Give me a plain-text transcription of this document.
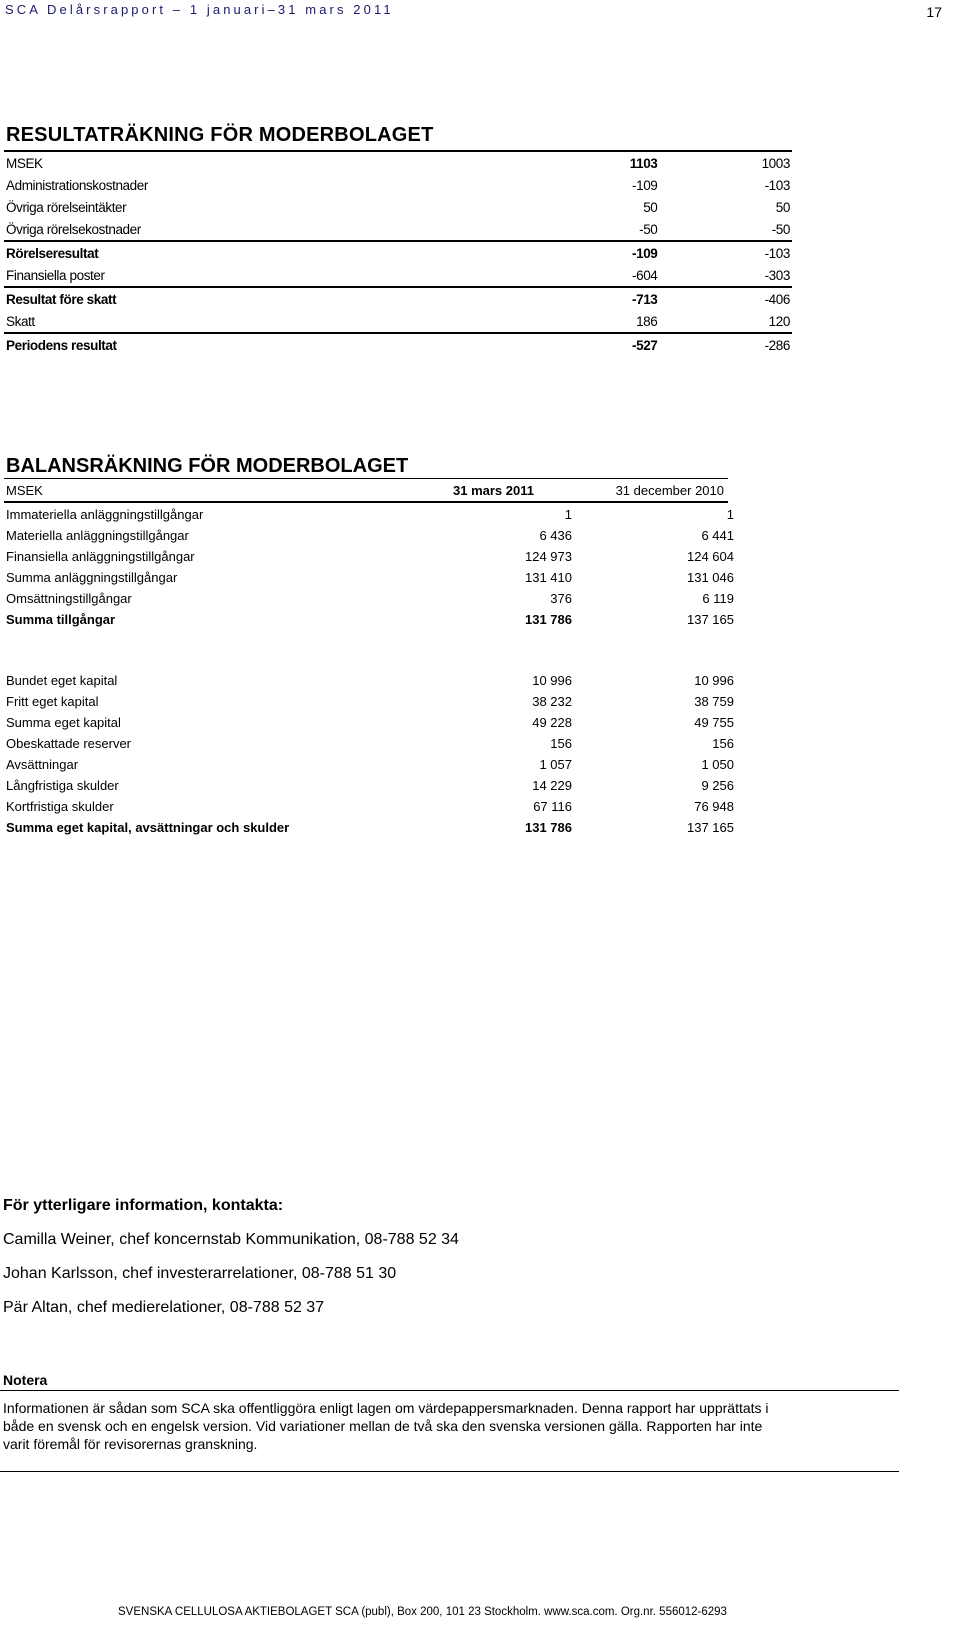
SCA Delårsrapport – 1 januari–31 mars 2011	17
RESULTATRÄKNING FÖR MODERBOLAGET
MSEK	1103	1003
Administrationskostnader	-109	-103
Övriga rörelseintäkter	50	50
Övriga rörelsekostnader	-50	-50
Rörelseresultat	-109	-103
Finansiella poster	-604	-303
Resultat före skatt	-713	-406
Skatt	186	120
Periodens resultat	-527	-286
BALANSRÄKNING FÖR MODERBOLAGET
MSEK	31 mars 2011	31 december 2010
Immateriella anläggningstillgångar	1	1
Materiella anläggningstillgångar	6 436	6 441
Finansiella anläggningstillgångar	124 973	124 604
Summa anläggningstillgångar	131 410	131 046
Omsättningstillgångar	376	6 119
Summa tillgångar	131 786	137 165
Bundet eget kapital	10 996	10 996
Fritt eget kapital	38 232	38 759
Summa eget kapital	49 228	49 755
Obeskattade reserver	156	156
Avsättningar	1 057	1 050
Långfristiga skulder	14 229	9 256
Kortfristiga skulder	67 116	76 948
Summa eget kapital, avsättningar och skulder	131 786	137 165
För ytterligare information, kontakta:
Camilla Weiner, chef koncernstab Kommunikation, 08-788 52 34
Johan Karlsson, chef investerarrelationer, 08-788 51 30
Pär Altan, chef medierelationer, 08-788 52 37
Notera
Informationen är sådan som SCA ska offentliggöra enligt lagen om värdepappersmarknaden. Denna rapport har upprättats i
både en svensk och en engelsk version. Vid variationer mellan de två ska den svenska versionen gälla. Rapporten har inte
varit föremål för revisorernas granskning.
SVENSKA CELLULOSA AKTIEBOLAGET SCA (publ), Box 200, 101 23 Stockholm. www.sca.com. Org.nr. 556012-6293
